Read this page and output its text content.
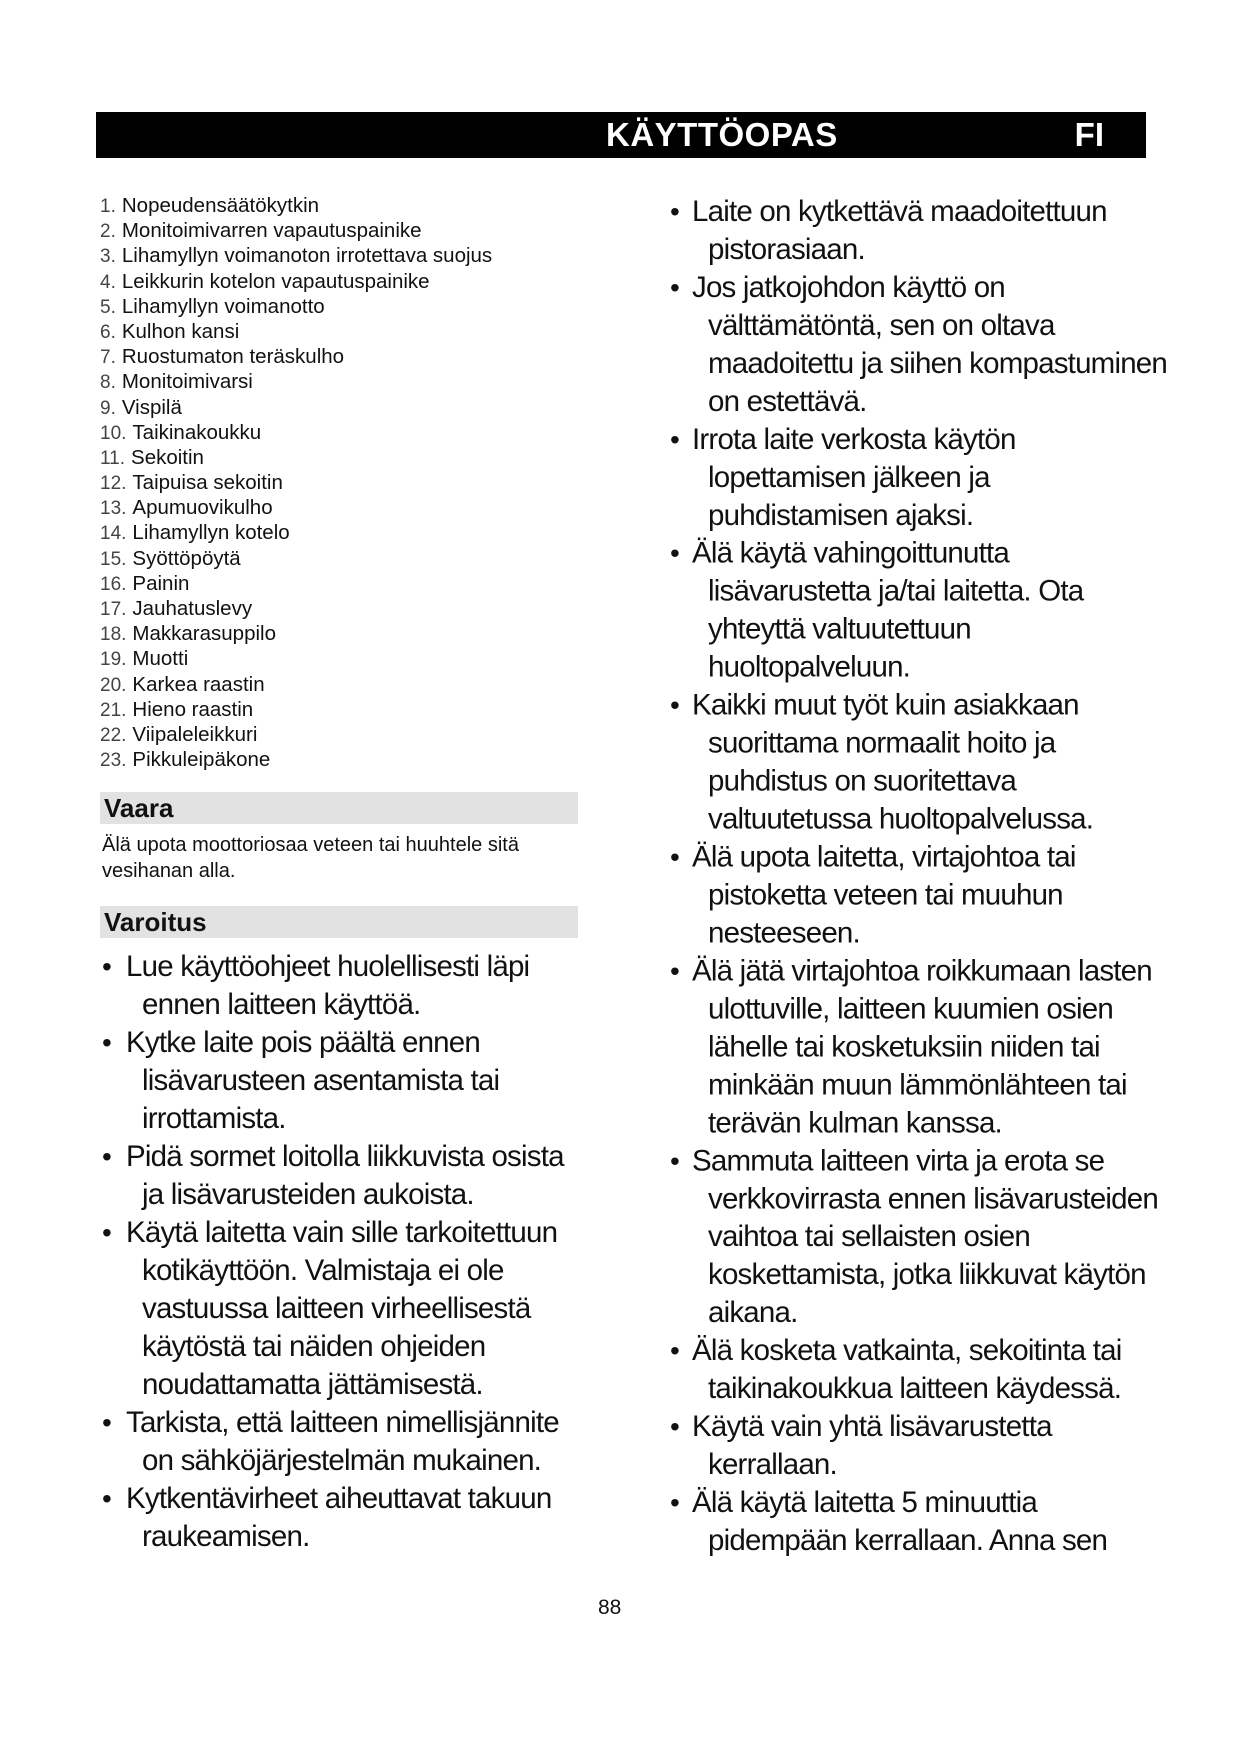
KÄYTTÖOPAS	FI
1. Nopeudensäätökytkin
2. Monitoimivarren vapautuspainike
3. Lihamyllyn voimanoton irrotettava suojus
4. Leikkurin kotelon vapautuspainike
5. Lihamyllyn voimanotto
6. Kulhon kansi
7. Ruostumaton teräskulho
8. Monitoimivarsi
9. Vispilä
10. Taikinakoukku
11. Sekoitin
12. Taipuisa sekoitin
13. Apumuovikulho
14. Lihamyllyn kotelo
15. Syöttöpöytä
16. Painin
17. Jauhatuslevy
18. Makkarasuppilo
19. Muotti
20. Karkea raastin
21. Hieno raastin
22. Viipaleleikkuri
23. Pikkuleipäkone
Vaara
Älä upota moottoriosaa veteen tai huuhtele sitä vesihanan alla.
Varoitus
• Lue käyttöohjeet huolellisesti läpi ennen laitteen käyttöä.
• Kytke laite pois päältä ennen lisävarusteen asentamista tai irrottamista.
• Pidä sormet loitolla liikkuvista osista ja lisävarusteiden aukoista.
• Käytä laitetta vain sille tarkoitettuun kotikäyttöön. Valmistaja ei ole vastuussa laitteen virheellisestä käytöstä tai näiden ohjeiden noudattamatta jättämisestä.
• Tarkista, että laitteen nimellisjännite on sähköjärjestelmän mukainen.
• Kytkentävirheet aiheuttavat takuun raukeamisen.
• Laite on kytkettävä maadoitettuun pistorasiaan.
• Jos jatkojohdon käyttö on välttämätöntä, sen on oltava maadoitettu ja siihen kompastuminen on estettävä.
• Irrota laite verkosta käytön lopettamisen jälkeen ja puhdistamisen ajaksi.
• Älä käytä vahingoittunutta lisävarustetta ja/tai laitetta. Ota yhteyttä valtuutettuun huoltopalveluun.
• Kaikki muut työt kuin asiakkaan suorittama normaalit hoito ja puhdistus on suoritettava valtuutetussa huoltopalvelussa.
• Älä upota laitetta, virtajohtoa tai pistoketta veteen tai muuhun nesteeseen.
• Älä jätä virtajohtoa roikkumaan lasten ulottuville, laitteen kuumien osien lähelle tai kosketuksiin niiden tai minkään muun lämmönlähteen tai terävän kulman kanssa.
• Sammuta laitteen virta ja erota se verkkovirrasta ennen lisävarusteiden vaihtoa tai sellaisten osien koskettamista, jotka liikkuvat käytön aikana.
• Älä kosketa vatkainta, sekoitinta tai taikinakoukkua laitteen käydessä.
• Käytä vain yhtä lisävarustetta kerrallaan.
• Älä käytä laitetta 5 minuuttia pidempään kerrallaan. Anna sen
88
